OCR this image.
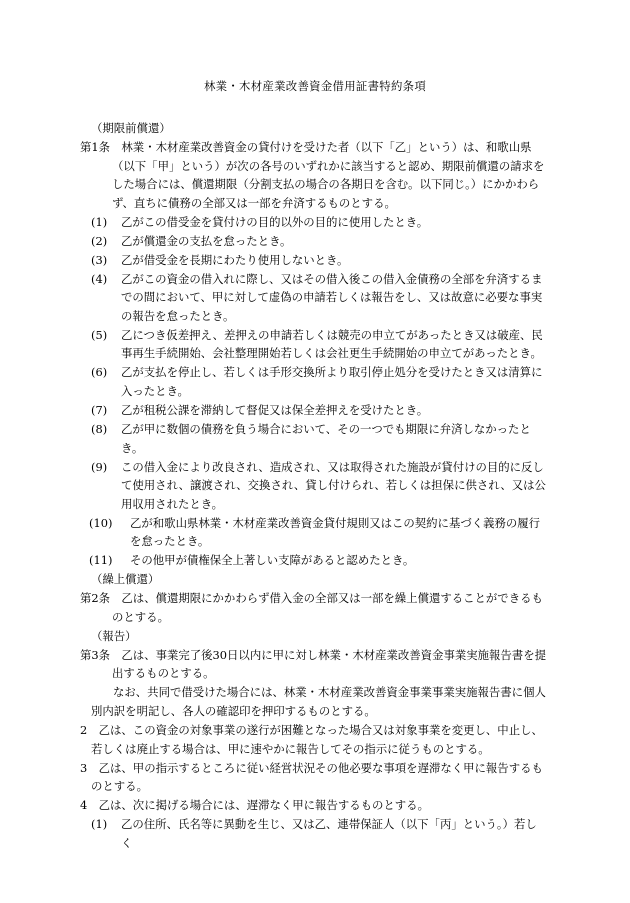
林業・木材産業改善資金借用証書特約条項

（期限前償還）

第1条　林業・木材産業改善資金の貸付けを受けた者（以下「乙」という）は、和歌山県（以下「甲」という）が次の各号のいずれかに該当すると認め、期限前償還の請求をした場合には、償還期限（分割支払の場合の各期日を含む。以下同じ。）にかかわらず、直ちに債務の全部又は一部を弁済するものとする。

(1)	乙がこの借受金を貸付けの目的以外の目的に使用したとき。
(2)	乙が償還金の支払を怠ったとき。
(3)	乙が借受金を長期にわたり使用しないとき。
(4)	乙がこの資金の借入れに際し、又はその借入後この借入金債務の全部を弁済するまでの間において、甲に対して虚偽の申請若しくは報告をし、又は故意に必要な事実の報告を怠ったとき。
(5)	乙につき仮差押え、差押えの申請若しくは競売の申立てがあったとき又は破産、民事再生手続開始、会社整理開始若しくは会社更生手続開始の申立てがあったとき。
(6)	乙が支払を停止し、若しくは手形交換所より取引停止処分を受けたとき又は清算に入ったとき。
(7)	乙が租税公課を滞納して督促又は保全差押えを受けたとき。
(8)	乙が甲に数個の債務を負う場合において、その一つでも期限に弁済しなかったとき。
(9)	この借入金により改良され、造成され、又は取得された施設が貸付けの目的に反して使用され、譲渡され、交換され、貸し付けられ、若しくは担保に供され、又は公用収用されたとき。
(10)	乙が和歌山県林業・木材産業改善資金貸付規則又はこの契約に基づく義務の履行を怠ったとき。
(11)	その他甲が債権保全上著しい支障があると認めたとき。

（繰上償還）

第2条　乙は、償還期限にかかわらず借入金の全部又は一部を繰上償還することができるものとする。

（報告）

第3条　乙は、事業完了後30日以内に甲に対し林業・木材産業改善資金事業実施報告書を提出するものとする。

なお、共同で借受けた場合には、林業・木材産業改善資金事業事業実施報告書に個人別内訳を明記し、各人の確認印を押印するものとする。

2　乙は、この資金の対象事業の遂行が困難となった場合又は対象事業を変更し、中止し、若しくは廃止する場合は、甲に速やかに報告してその指示に従うものとする。

3　乙は、甲の指示するところに従い経営状況その他必要な事項を遅滞なく甲に報告するものとする。

4　乙は、次に掲げる場合には、遅滞なく甲に報告するものとする。

(1)	乙の住所、氏名等に異動を生じ、又は乙、連帯保証人（以下「丙」という。）若しく
